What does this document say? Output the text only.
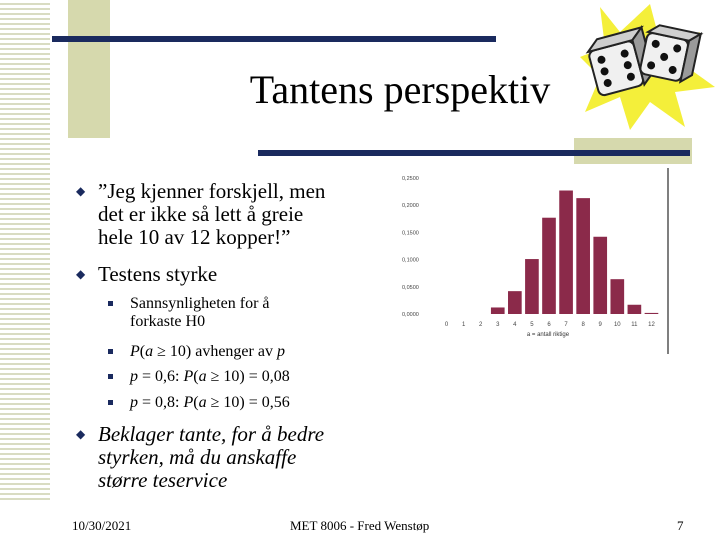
Tantens perspektiv
◆ ”Jeg kjenner forskjell, men
det er ikke så lett å greie
hele 10 av 12 kopper!”
◆ Testens styrke
Sannsynligheten for å
forkaste H0
P(a ≥ 10) avhenger av p
p = 0,6: P(a ≥ 10) = 0,08
p = 0,8: P(a ≥ 10) = 0,56
◆ Beklager tante, for å bedre
styrken, må du anskaffe
større teservice
0,2500
0,2000
0,1500
0,1000
0,0500
0,0000
0 1 2 3 4 5 6 7 8 9 10 11 12
a = antall riktige
10/30/2021	MET 8006 - Fred Wenstøp	7
